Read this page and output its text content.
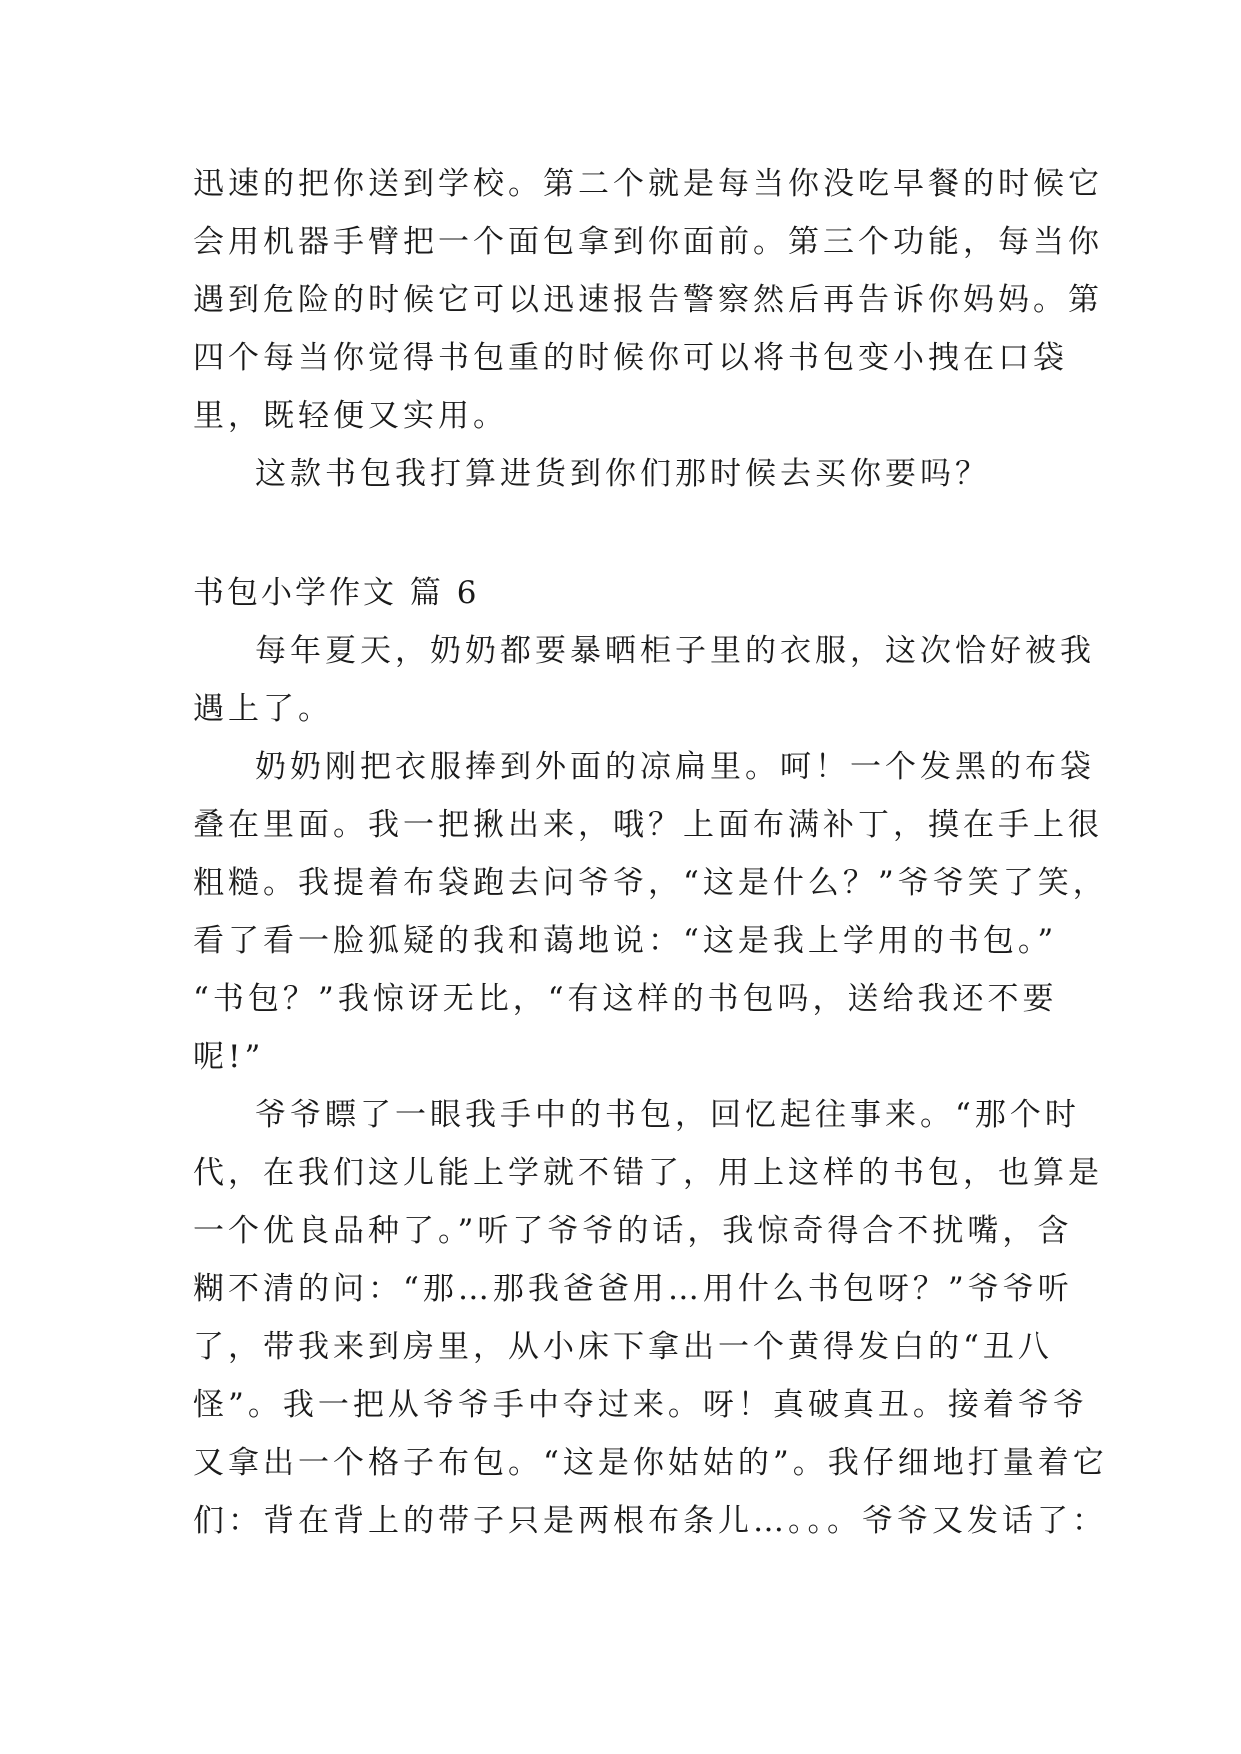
迅速的把你送到学校。第二个就是每当你没吃早餐的时候它
会用机器手臂把一个面包拿到你面前。第三个功能，每当你
遇到危险的时候它可以迅速报告警察然后再告诉你妈妈。第
四个每当你觉得书包重的时候你可以将书包变小拽在口袋
里，既轻便又实用。
这款书包我打算进货到你们那时候去买你要吗？
书包小学作文 篇 6
每年夏天，奶奶都要暴晒柜子里的衣服，这次恰好被我
遇上了。
奶奶刚把衣服捧到外面的凉扁里。呵！一个发黑的布袋
叠在里面。我一把揪出来，哦？上面布满补丁，摸在手上很
粗糙。我提着布袋跑去问爷爷，“这是什么？”爷爷笑了笑，
看了看一脸狐疑的我和蔼地说：“这是我上学用的书包。”
“书包？”我惊讶无比，“有这样的书包吗，送给我还不要
呢!”
爷爷瞟了一眼我手中的书包，回忆起往事来。“那个时
代，在我们这儿能上学就不错了，用上这样的书包，也算是
一个优良品种了。”听了爷爷的话，我惊奇得合不扰嘴，含
糊不清的问：“那…那我爸爸用…用什么书包呀？”爷爷听
了，带我来到房里，从小床下拿出一个黄得发白的“丑八
怪”。我一把从爷爷手中夺过来。呀！真破真丑。接着爷爷
又拿出一个格子布包。“这是你姑姑的”。我仔细地打量着它
们：背在背上的带子只是两根布条儿…。。。爷爷又发话了：
